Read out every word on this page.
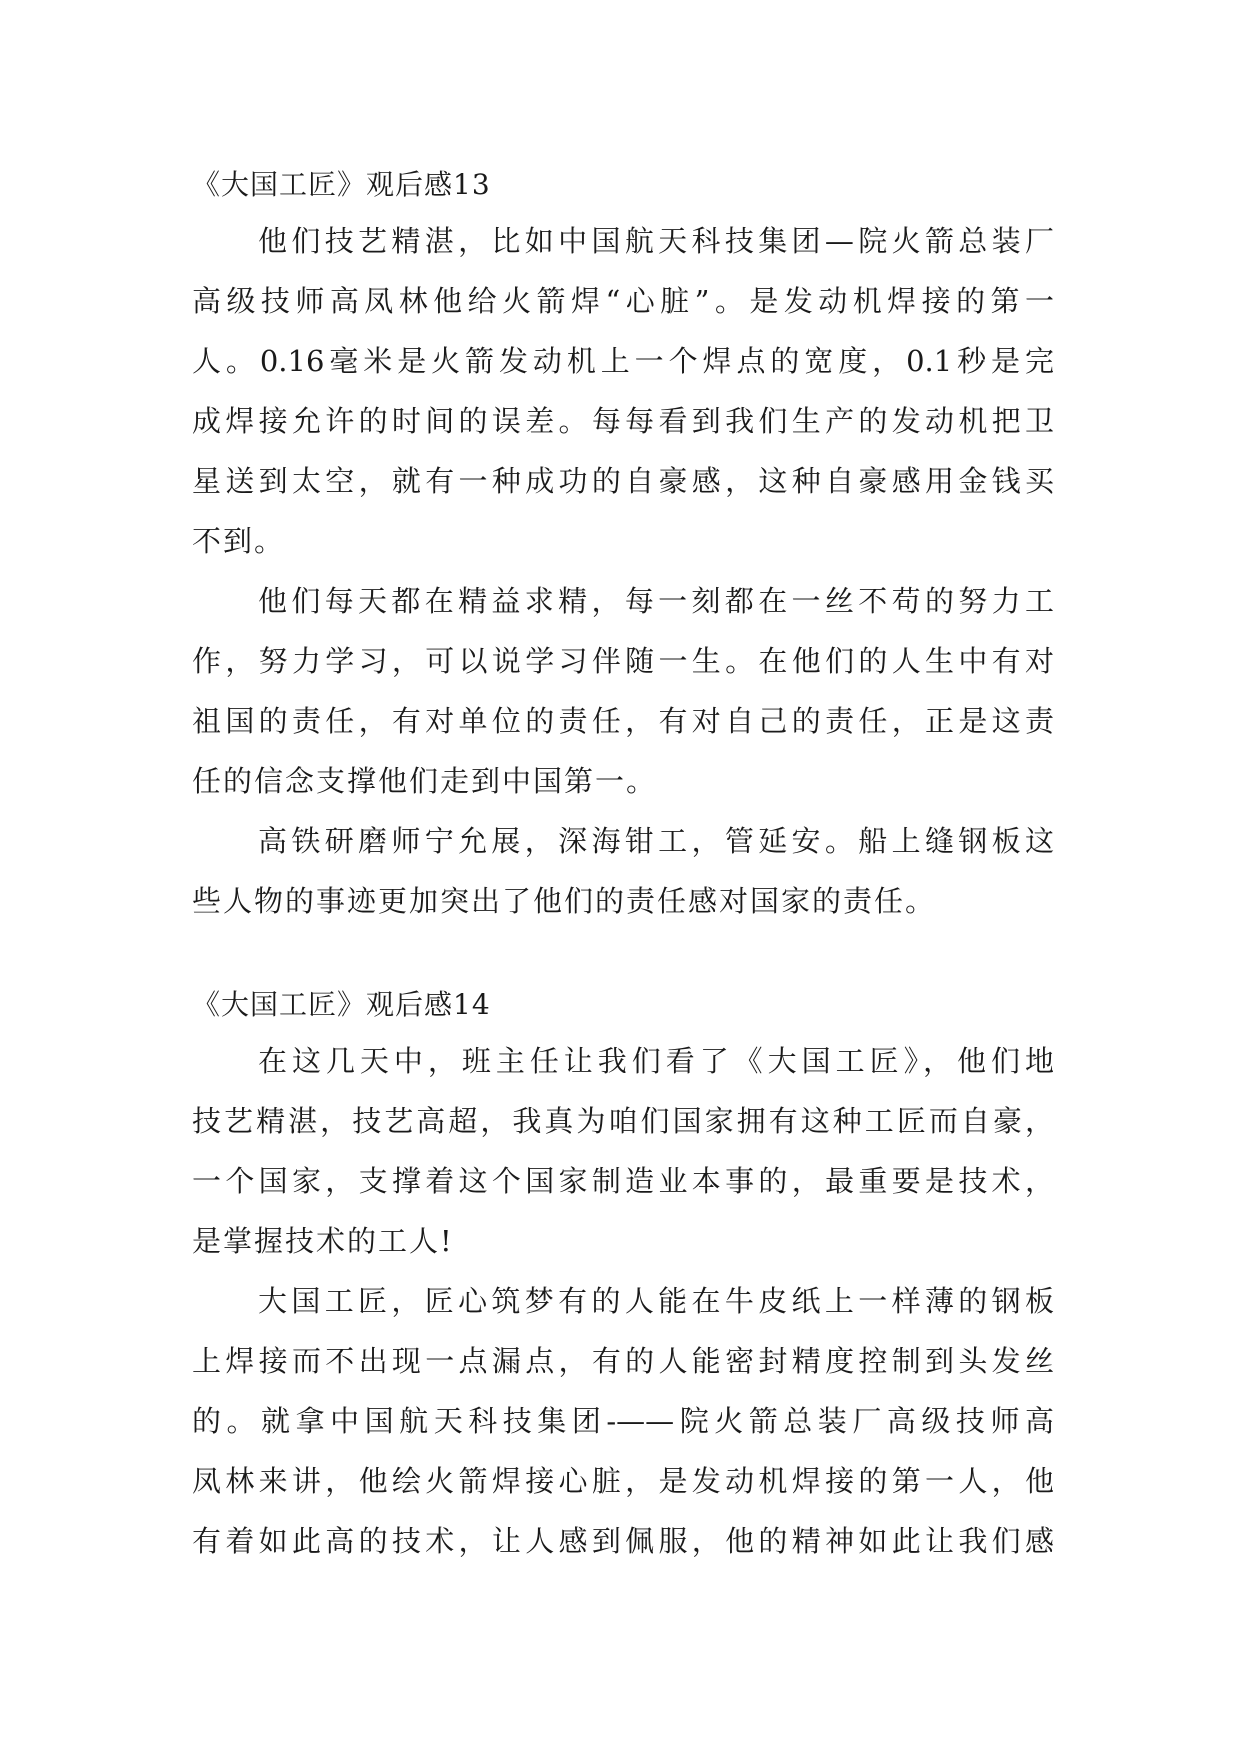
《大国工匠》观后感13

他们技艺精湛，比如中国航天科技集团—院火箭总装厂

高级技师高凤林他给火箭焊“心脏”。是发动机焊接的第一

人。0.16毫米是火箭发动机上一个焊点的宽度，0.1秒是完

成焊接允许的时间的误差。每每看到我们生产的发动机把卫

星送到太空，就有一种成功的自豪感，这种自豪感用金钱买

不到。

他们每天都在精益求精，每一刻都在一丝不苟的努力工

作，努力学习，可以说学习伴随一生。在他们的人生中有对

祖国的责任，有对单位的责任，有对自己的责任，正是这责

任的信念支撑他们走到中国第一。

高铁研磨师宁允展，深海钳工，管延安。船上缝钢板这

些人物的事迹更加突出了他们的责任感对国家的责任。

《大国工匠》观后感14

在这几天中，班主任让我们看了《大国工匠》，他们地

技艺精湛，技艺高超，我真为咱们国家拥有这种工匠而自豪，

一个国家，支撑着这个国家制造业本事的，最重要是技术，

是掌握技术的工人!

大国工匠，匠心筑梦有的人能在牛皮纸上一样薄的钢板

上焊接而不出现一点漏点，有的人能密封精度控制到头发丝

的。就拿中国航天科技集团-——院火箭总装厂高级技师高

凤林来讲，他绘火箭焊接心脏，是发动机焊接的第一人，他

有着如此高的技术，让人感到佩服，他的精神如此让我们感
